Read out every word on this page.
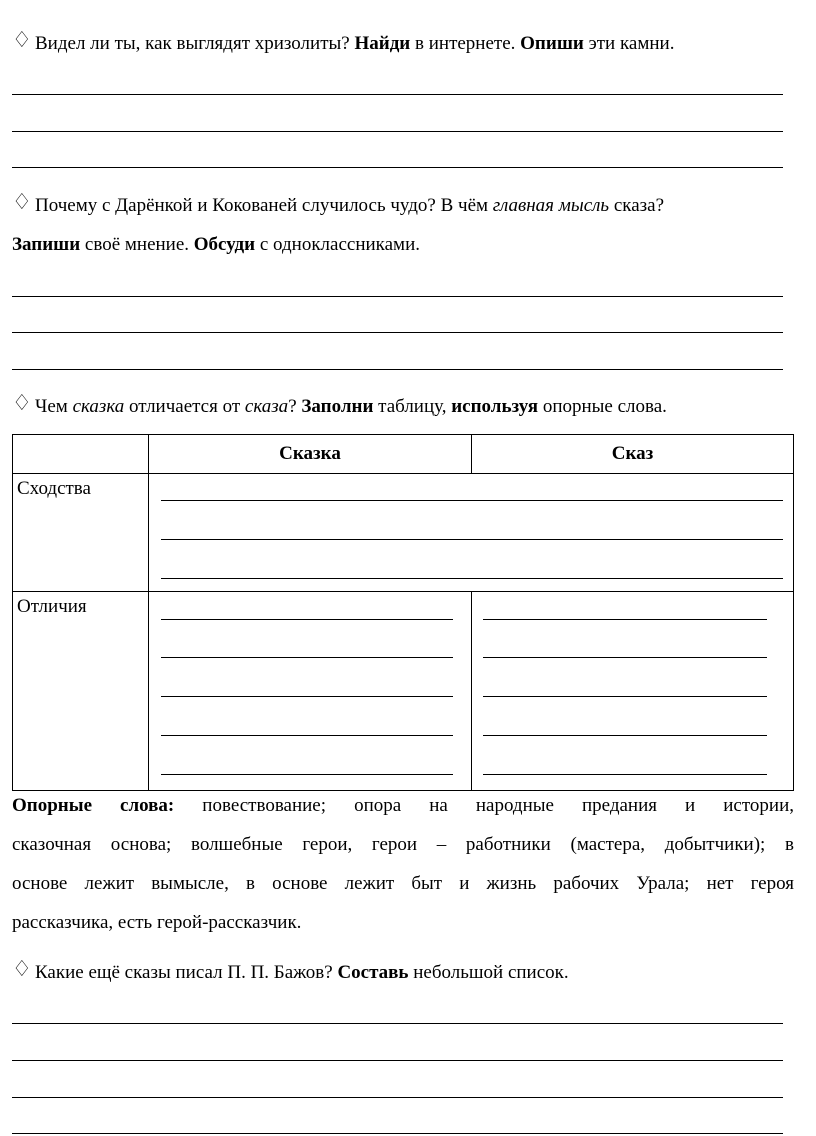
♢ Видел ли ты, как выглядят хризолиты? Найди в интернете. Опиши эти камни.
♢ Почему с Дарёнкой и Кокованей случилось чудо? В чём главная мысль сказа?
Запиши своё мнение. Обсуди с одноклассниками.
♢ Чем сказка отличается от сказа? Заполни таблицу, используя опорные слова.
	Сказка	Сказ
Сходства		

Отличия	

Опорные слова: повествование; опора на народные предания и истории,
сказочная основа; волшебные герои, герои – работники (мастера, добытчики); в
основе лежит вымысле, в основе лежит быт и жизнь рабочих Урала; нет героя
рассказчика, есть герой-рассказчик.
♢ Какие ещё сказы писал П. П. Бажов? Составь небольшой список.
